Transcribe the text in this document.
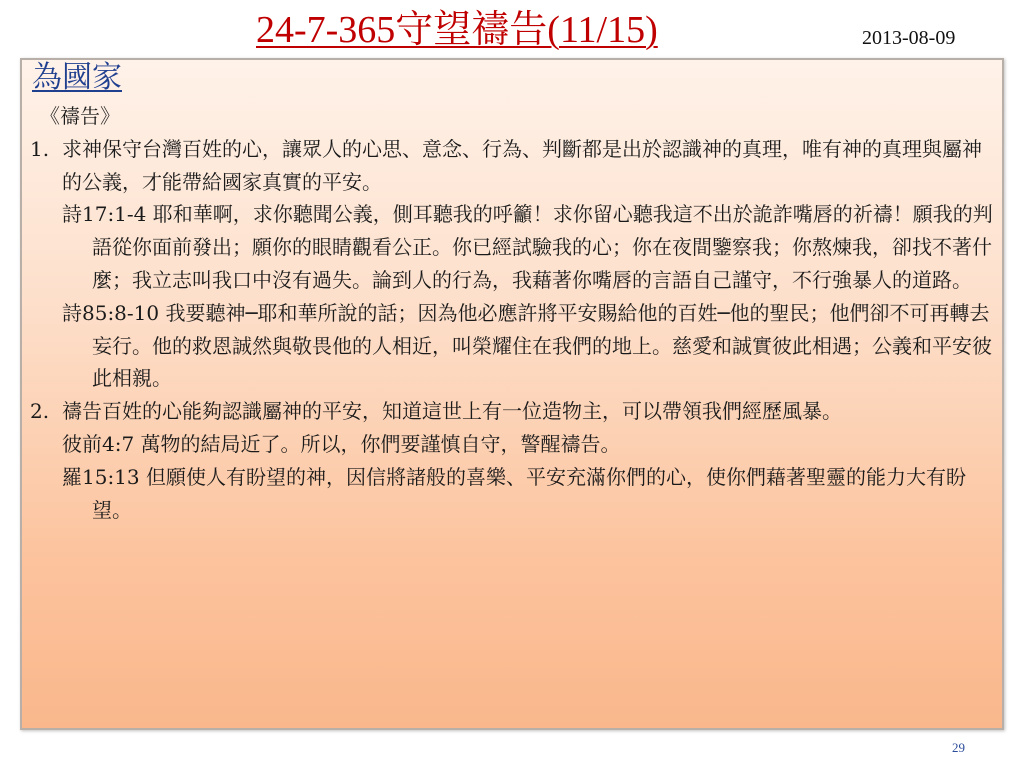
24-7-365守望禱告(11/15)	2013-08-09
為國家
《禱告》
1. 求神保守台灣百姓的心，讓眾人的心思、意念、行為、判斷都是出於認識神的真理，唯有神的真理與屬神的公義，才能帶給國家真實的平安。
詩17:1-4 耶和華啊，求你聽聞公義，側耳聽我的呼籲！求你留心聽我這不出於詭詐嘴唇的祈禱！願我的判語從你面前發出；願你的眼睛觀看公正。你已經試驗我的心；你在夜間鑒察我；你熬煉我，卻找不著什麼；我立志叫我口中沒有過失。論到人的行為，我藉著你嘴唇的言語自己謹守，不行強暴人的道路。
詩85:8-10 我要聽神─耶和華所說的話；因為他必應許將平安賜給他的百姓─他的聖民；他們卻不可再轉去妄行。他的救恩誠然與敬畏他的人相近，叫榮耀住在我們的地上。慈愛和誠實彼此相遇；公義和平安彼此相親。
2. 禱告百姓的心能夠認識屬神的平安，知道這世上有一位造物主，可以帶領我們經歷風暴。
彼前4:7 萬物的結局近了。所以，你們要謹慎自守，警醒禱告。
羅15:13 但願使人有盼望的神，因信將諸般的喜樂、平安充滿你們的心，使你們藉著聖靈的能力大有盼望。
29
